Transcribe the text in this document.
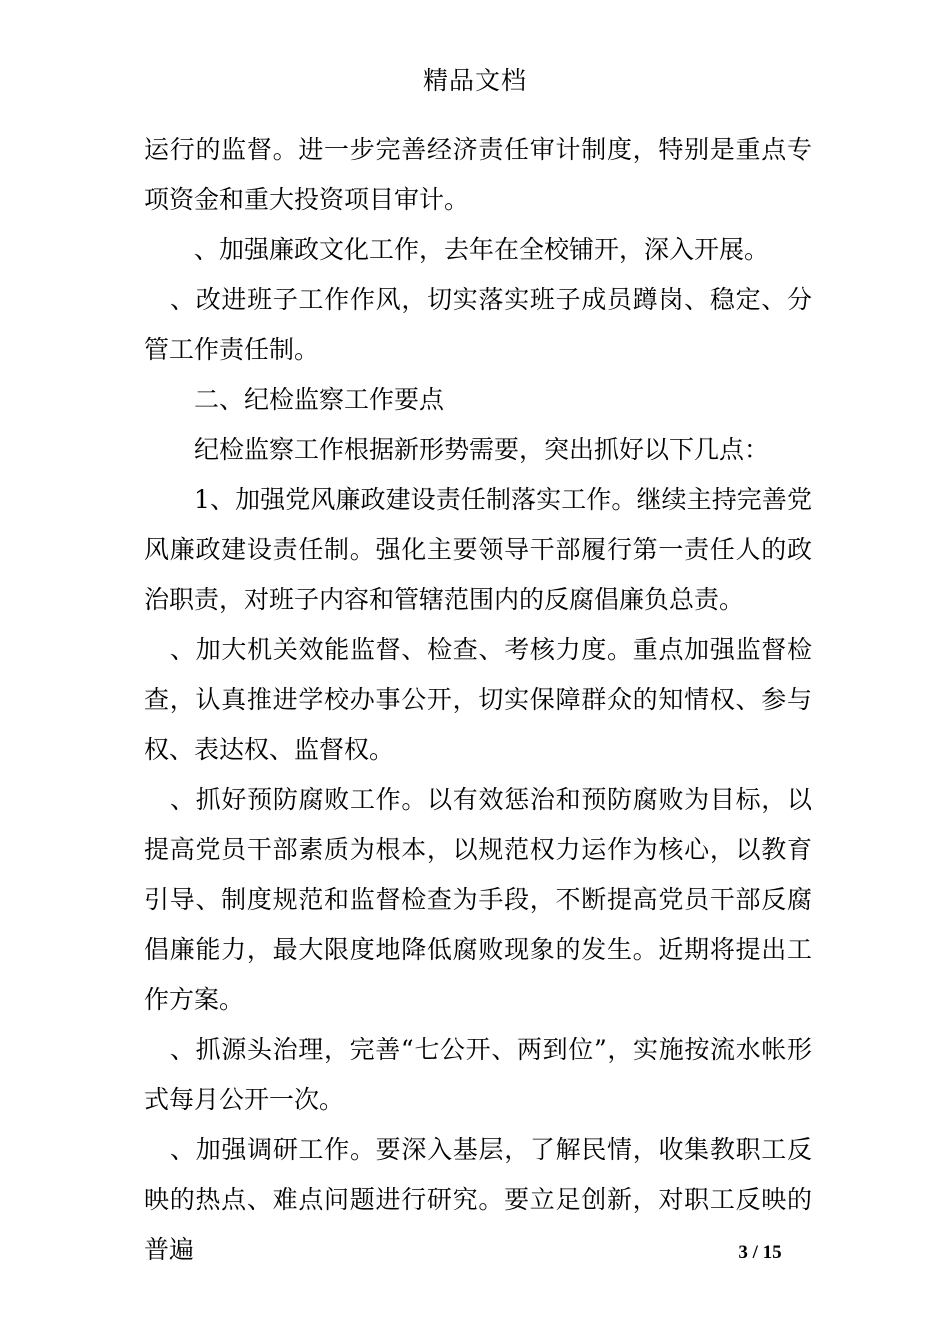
精品文档

运行的监督。进一步完善经济责任审计制度，特别是重点专项资金和重大投资项目审计。

、加强廉政文化工作，去年在全校铺开，深入开展。

、改进班子工作作风，切实落实班子成员蹲岗、稳定、分管工作责任制。

二、纪检监察工作要点

纪检监察工作根据新形势需要，突出抓好以下几点：

1、加强党风廉政建设责任制落实工作。继续主持完善党风廉政建设责任制。强化主要领导干部履行第一责任人的政治职责，对班子内容和管辖范围内的反腐倡廉负总责。

、加大机关效能监督、检查、考核力度。重点加强监督检查，认真推进学校办事公开，切实保障群众的知情权、参与权、表达权、监督权。

、抓好预防腐败工作。以有效惩治和预防腐败为目标，以提高党员干部素质为根本，以规范权力运作为核心，以教育引导、制度规范和监督检查为手段，不断提高党员干部反腐倡廉能力，最大限度地降低腐败现象的发生。近期将提出工作方案。

、抓源头治理，完善“七公开、两到位”，实施按流水帐形式每月公开一次。

、加强调研工作。要深入基层，了解民情，收集教职工反映的热点、难点问题进行研究。要立足创新，对职工反映的普遍	3 / 15
